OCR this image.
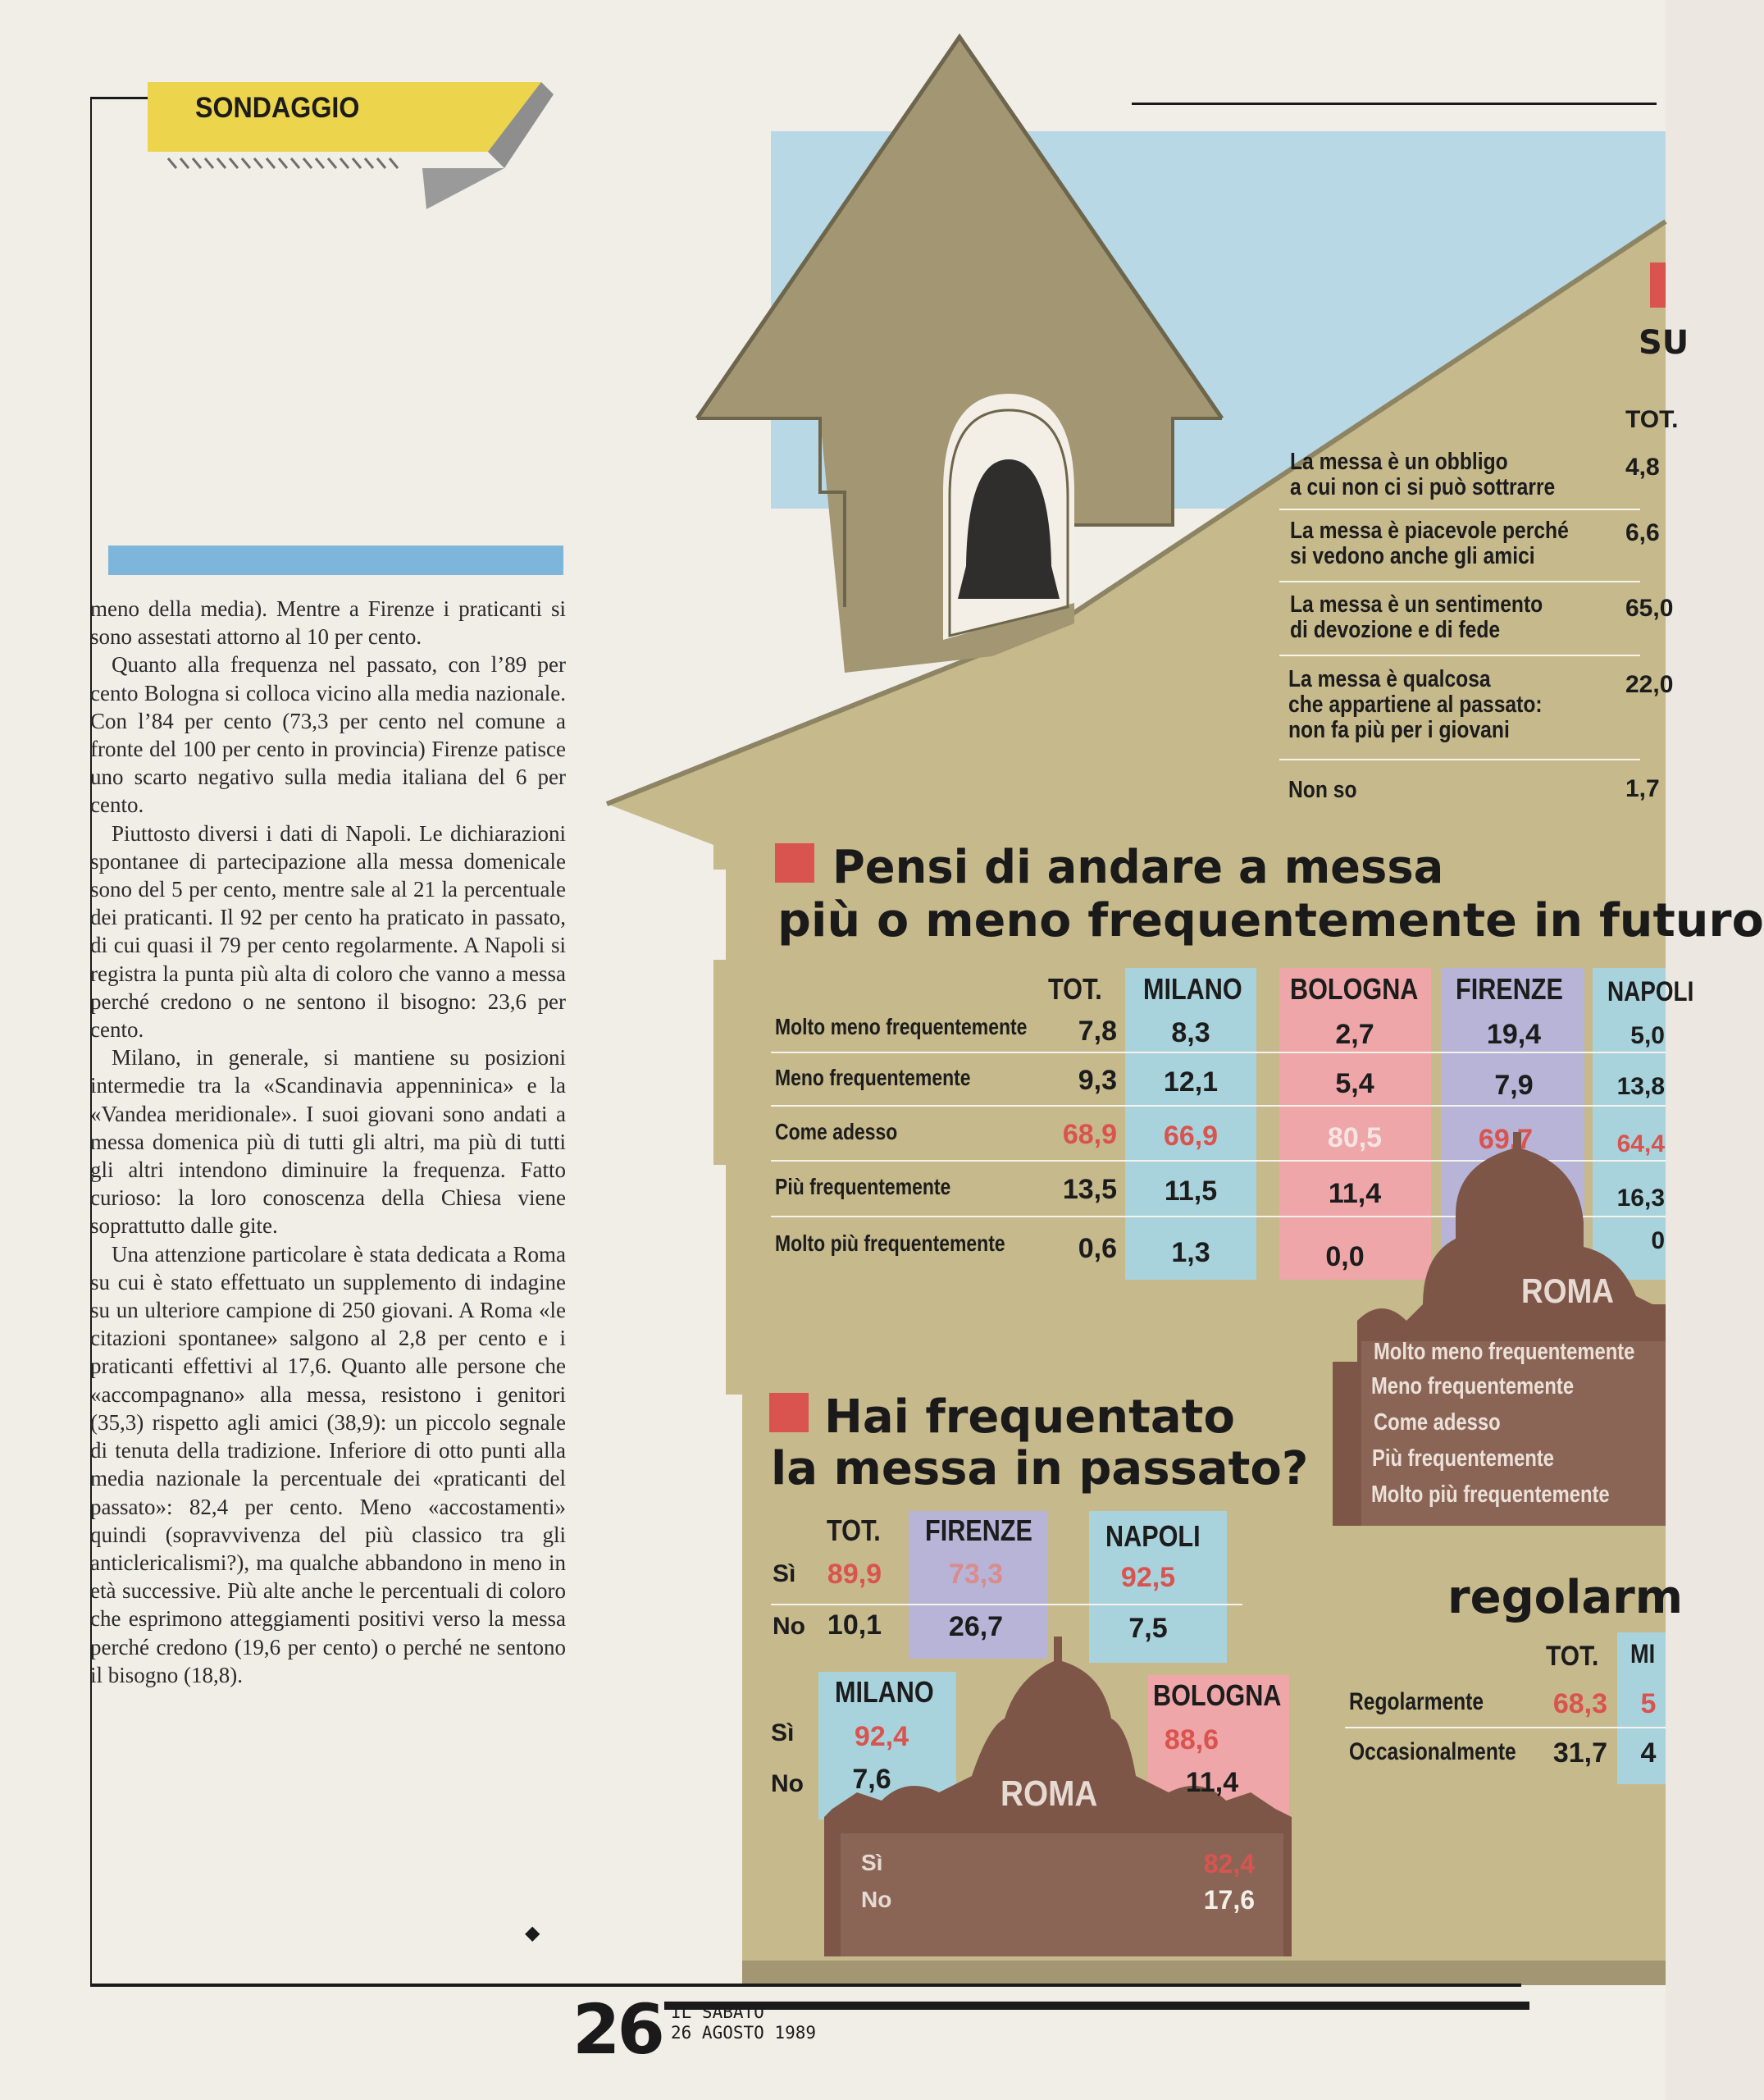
SONDAGGIO

meno della media). Mentre a Firenze i praticanti si sono assestati attorno al 10 per cento.

Quanto alla frequenza nel passato, con l’89 per cento Bologna si colloca vicino alla media nazionale. Con l’84 per cento (73,3 per cento nel comune a fronte del 100 per cento in provincia) Firenze patisce uno scarto negativo sulla media italiana del 6 per cento.

Piuttosto diversi i dati di Napoli. Le dichiarazioni spontanee di partecipazione alla messa domenicale sono del 5 per cento, mentre sale al 21 la percentuale dei praticanti. Il 92 per cento ha praticato in passato, di cui quasi il 79 per cento regolarmente. A Napoli si registra la punta più alta di coloro che vanno a messa perché credono o ne sentono il bisogno: 23,6 per cento.

Milano, in generale, si mantiene su posizioni intermedie tra la «Scandinavia appenninica» e la «Vandea meridionale». I suoi giovani sono andati a messa domenica più di tutti gli altri, ma più di tutti gli altri intendono diminuire la frequenza. Fatto curioso: la loro conoscenza della Chiesa viene soprattutto dalle gite.

Una attenzione particolare è stata dedicata a Roma su cui è stato effettuato un supplemento di indagine su un ulteriore campione di 250 giovani. A Roma «le citazioni spontanee» salgono al 2,8 per cento e i praticanti effettivi al 17,6. Quanto alle persone che «accompagnano» alla messa, resistono i genitori (35,3) rispetto agli amici (38,9): un piccolo segnale di tenuta della tradizione. Inferiore di otto punti alla media nazionale la percentuale dei «praticanti del passato»: 82,4 per cento. Meno «accostamenti» quindi (sopravvivenza del più classico tra gli anticlericalismi?), ma qualche abbandono in meno in età successive. Più alte anche le percentuali di coloro che esprimono atteggiamenti positivi verso la messa perché credono (19,6 per cento) o perché ne sentono il bisogno (18,8).

◆
SU
TOT.
La messa è un obbligo
a cui non ci si può sottrarre
4,8
La messa è piacevole perché
si vedono anche gli amici
6,6
La messa è un sentimento
di devozione e di fede
65,0
La messa è qualcosa
che appartiene al passato:
non fa più per i giovani
22,0
Non so	1,7
Pensi di andare a messa
più o meno frequentemente in futuro
TOT. MILANO BOLOGNA FIRENZE NAPOLI
Molto meno frequentemente
Meno frequentemente
Come adesso
Più frequentemente
Molto più frequentemente
7,8
9,3
68,9
13,5
0,6
8,3
12,1
66,9
11,5
1,3
2,7
5,4
80,5
11,4
0,0
19,4
7,9
69,7
5,0
13,8
64,4
16,3
0
ROMA
Molto meno frequentemente
Meno frequentemente
Come adesso
Più frequentemente
Molto più frequentemente
Hai frequentato
la messa in passato?
TOT. FIRENZE NAPOLI
Sì
No
89,9
10,1
73,3
26,7
92,5
7,5
MILANO	BOLOGNA
Sì
No
92,4
7,6
88,6
11,4
ROMA
Sì
No
82,4
17,6
regolarm
TOT. MI
Regolarmente
Occasionalmente
68,3
31,7
5
4
26 IL SABATO
26 AGOSTO 1989
